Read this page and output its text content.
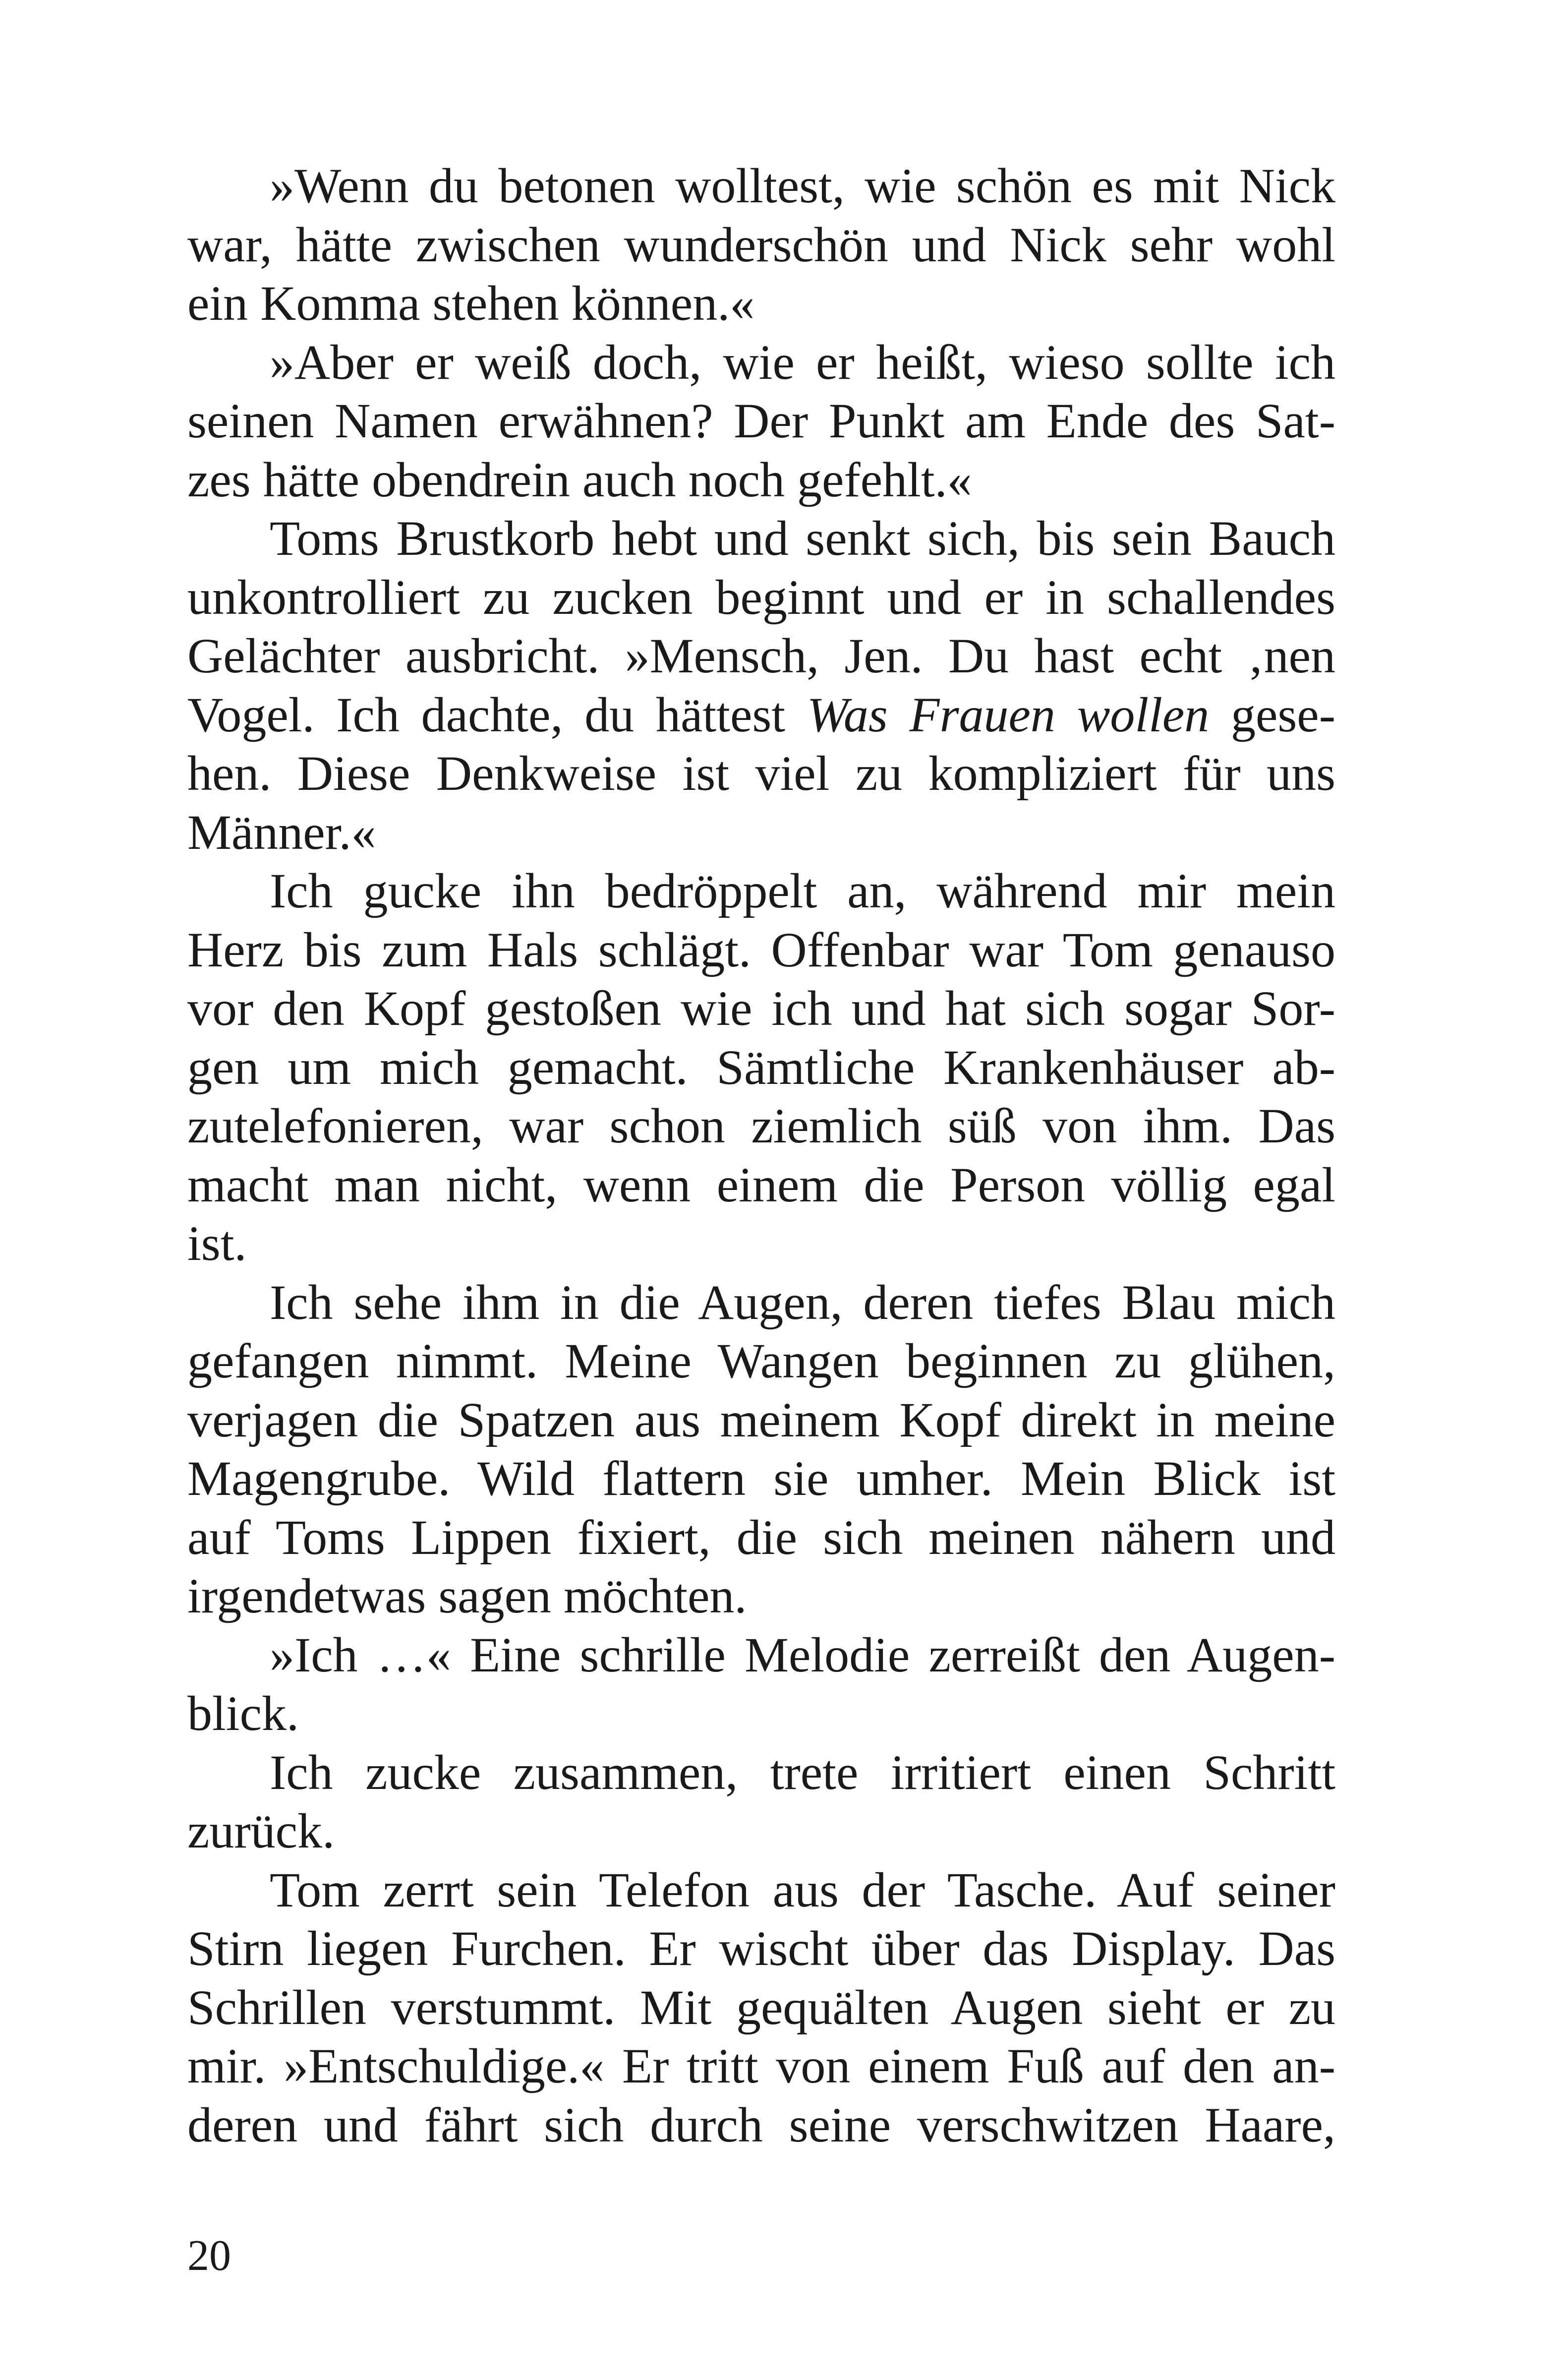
»Wenn du betonen wolltest, wie schön es mit Nick
war, hätte zwischen wunderschön und Nick sehr wohl
ein Komma stehen können.«
»Aber er weiß doch, wie er heißt, wieso sollte ich
seinen Namen erwähnen? Der Punkt am Ende des Sat-
zes hätte obendrein auch noch gefehlt.«
Toms Brustkorb hebt und senkt sich, bis sein Bauch
unkontrolliert zu zucken beginnt und er in schallendes
Gelächter ausbricht. »Mensch, Jen. Du hast echt ‚nen
Vogel. Ich dachte, du hättest Was Frauen wollen gese-
hen. Diese Denkweise ist viel zu kompliziert für uns
Männer.«
Ich gucke ihn bedröppelt an, während mir mein
Herz bis zum Hals schlägt. Offenbar war Tom genauso
vor den Kopf gestoßen wie ich und hat sich sogar Sor-
gen um mich gemacht. Sämtliche Krankenhäuser ab-
zutelefonieren, war schon ziemlich süß von ihm. Das
macht man nicht, wenn einem die Person völlig egal
ist.
Ich sehe ihm in die Augen, deren tiefes Blau mich
gefangen nimmt. Meine Wangen beginnen zu glühen,
verjagen die Spatzen aus meinem Kopf direkt in meine
Magengrube. Wild flattern sie umher. Mein Blick ist
auf Toms Lippen fixiert, die sich meinen nähern und
irgendetwas sagen möchten.
»Ich …« Eine schrille Melodie zerreißt den Augen-
blick.
Ich zucke zusammen, trete irritiert einen Schritt
zurück.
Tom zerrt sein Telefon aus der Tasche. Auf seiner
Stirn liegen Furchen. Er wischt über das Display. Das
Schrillen verstummt. Mit gequälten Augen sieht er zu
mir. »Entschuldige.« Er tritt von einem Fuß auf den an-
deren und fährt sich durch seine verschwitzen Haare,
20
